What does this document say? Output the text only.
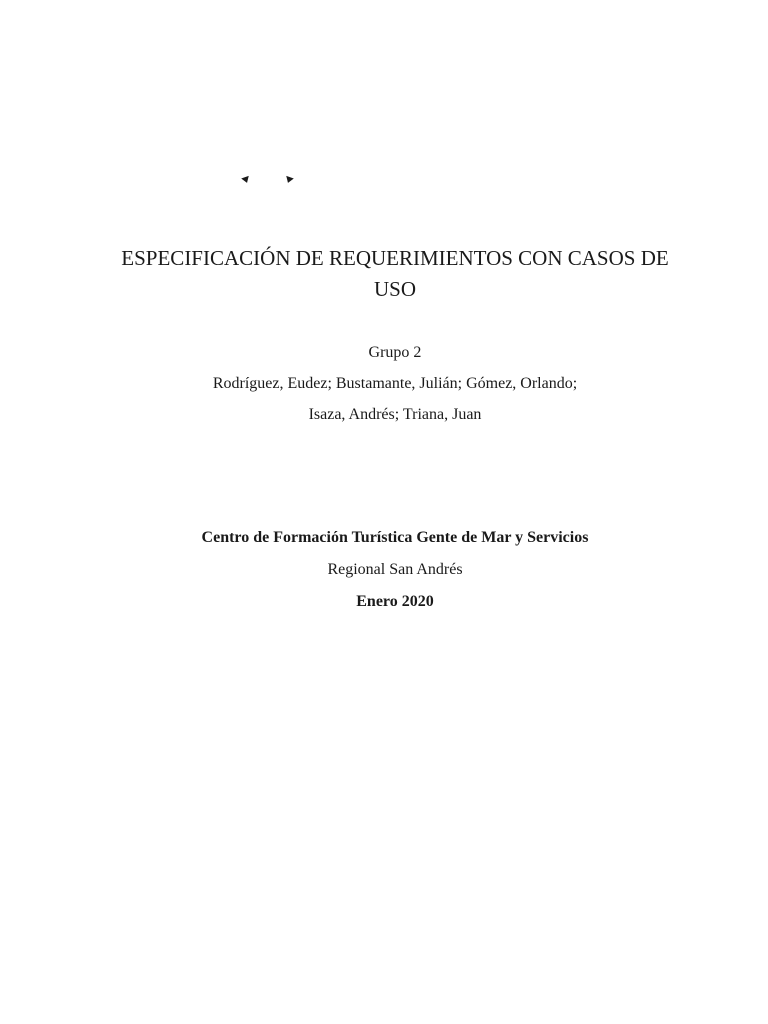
ESPECIFICACIÓN DE REQUERIMIENTOS CON CASOS DE USO
Grupo 2
Rodríguez, Eudez; Bustamante, Julián; Gómez, Orlando;
Isaza, Andrés; Triana, Juan
Centro de Formación Turística Gente de Mar y Servicios
Regional San Andrés
Enero 2020
